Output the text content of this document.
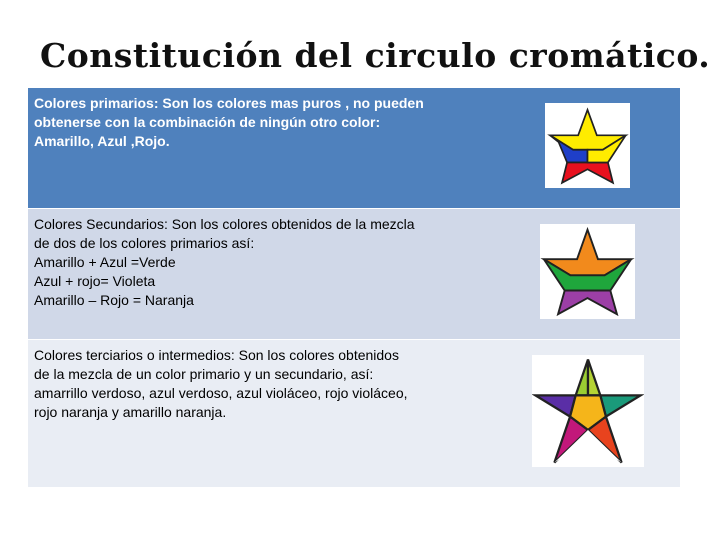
Constitución del circulo cromático.
Colores primarios: Son los colores mas puros , no pueden
obtenerse con la combinación de ningún otro color:
Amarillo, Azul ,Rojo.	
Colores Secundarios: Son los colores obtenidos de la mezcla
de dos de los colores primarios así:
Amarillo + Azul =Verde
Azul + rojo= Violeta
Amarillo – Rojo = Naranja	
Colores terciarios o intermedios: Son los colores obtenidos
de la mezcla de un color primario y un secundario, así:
amarrillo verdoso, azul verdoso, azul violáceo, rojo violáceo,
rojo naranja y amarillo naranja.	
